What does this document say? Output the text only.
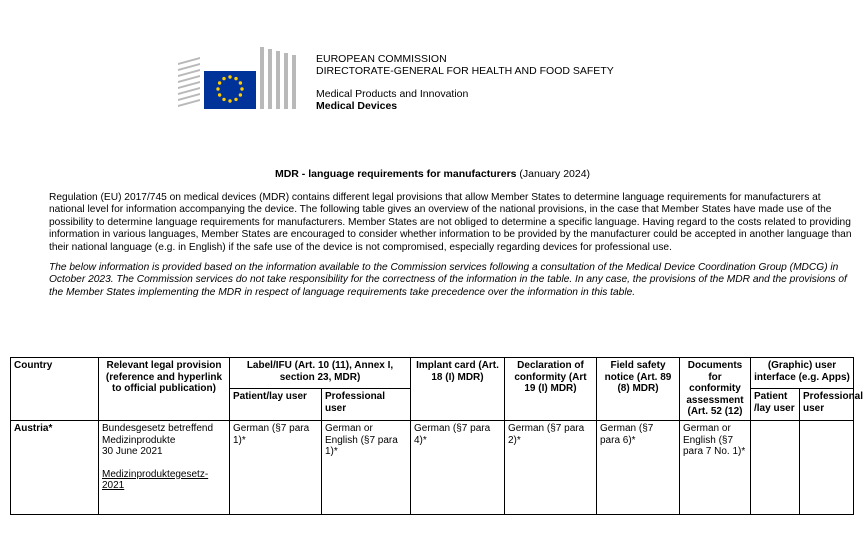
EUROPEAN COMMISSION
DIRECTORATE-GENERAL FOR HEALTH AND FOOD SAFETY
Medical Products and Innovation
Medical Devices
MDR - language requirements for manufacturers (January 2024)

Regulation (EU) 2017/745 on medical devices (MDR) contains different legal provisions that allow Member States to determine language requirements for manufacturers at national level for information accompanying the device. The following table gives an overview of the national provisions, in the case that Member States have made use of the possibility to determine language requirements for manufacturers. Member States are not obliged to determine a specific language. Having regard to the costs related to providing information in various languages, Member States are encouraged to consider whether information to be provided by the manufacturer could be accepted in another language than their national language (e.g. in English) if the safe use of the device is not compromised, especially regarding devices for professional use.

The below information is provided based on the information available to the Commission services following a consultation of the Medical Device Coordination Group (MDCG) in October 2023. The Commission services do not take responsibility for the correctness of the information in the table. In any case, the provisions of the MDR and the provisions of the Member States implementing the MDR in respect of language requirements take precedence over the information in this table.

Country	Relevant legal provision (reference and hyperlink to official publication)	Label/IFU (Art. 10 (11), Annex I, section 23, MDR)		Implant card (Art. 18 (I) MDR)	Declaration of conformity (Art 19 (I) MDR)	Field safety notice (Art. 89 (8) MDR)	Documents for conformity assessment (Art. 52 (12)	(Graphic) user interface (e.g. Apps)	
		Patient/lay user	Professional user					Patient /lay user	Professional user
Austria*	Bundesgesetz betreffend Medizinprodukte
30 June 2021
Medizinproduktegesetz-2021	German (§7 para 1)*	German or English (§7 para 1)*	German (§7 para 4)*	German (§7 para 2)*	German (§7 para 6)*	German or English (§7 para 7 No. 1)*		
